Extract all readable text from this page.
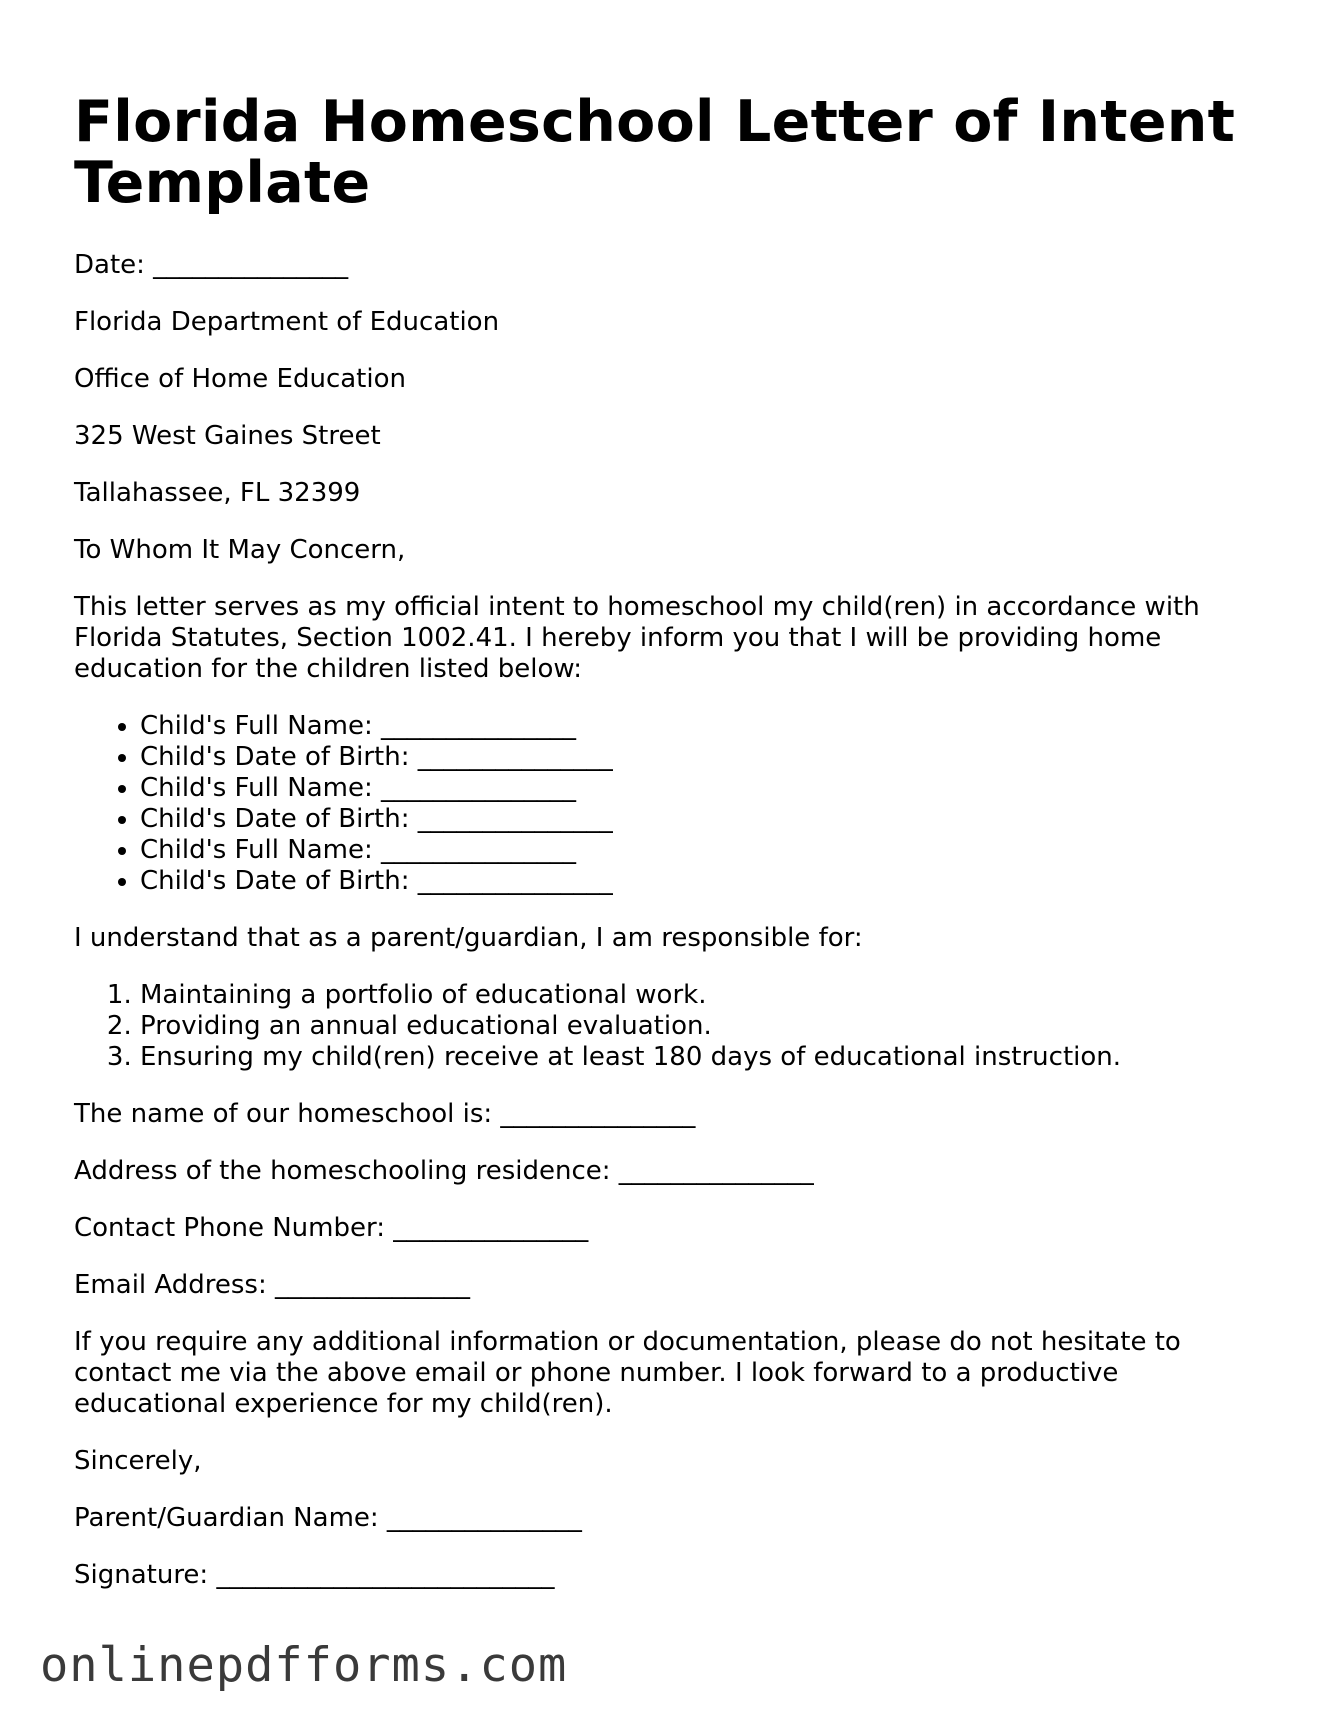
Florida Homeschool Letter of Intent Template

Date: _______________

Florida Department of Education

Office of Home Education

325 West Gaines Street

Tallahassee, FL 32399

To Whom It May Concern,

This letter serves as my official intent to homeschool my child(ren) in accordance with Florida Statutes, Section 1002.41. I hereby inform you that I will be providing home education for the children listed below:

• Child's Full Name: _______________
• Child's Date of Birth: _______________
• Child's Full Name: _______________
• Child's Date of Birth: _______________
• Child's Full Name: _______________
• Child's Date of Birth: _______________

I understand that as a parent/guardian, I am responsible for:

1. Maintaining a portfolio of educational work.
2. Providing an annual educational evaluation.
3. Ensuring my child(ren) receive at least 180 days of educational instruction.

The name of our homeschool is: _______________

Address of the homeschooling residence: _______________

Contact Phone Number: _______________

Email Address: _______________

If you require any additional information or documentation, please do not hesitate to contact me via the above email or phone number. I look forward to a productive educational experience for my child(ren).

Sincerely,

Parent/Guardian Name: _______________

Signature: __________________________

onlinepdfforms.com
